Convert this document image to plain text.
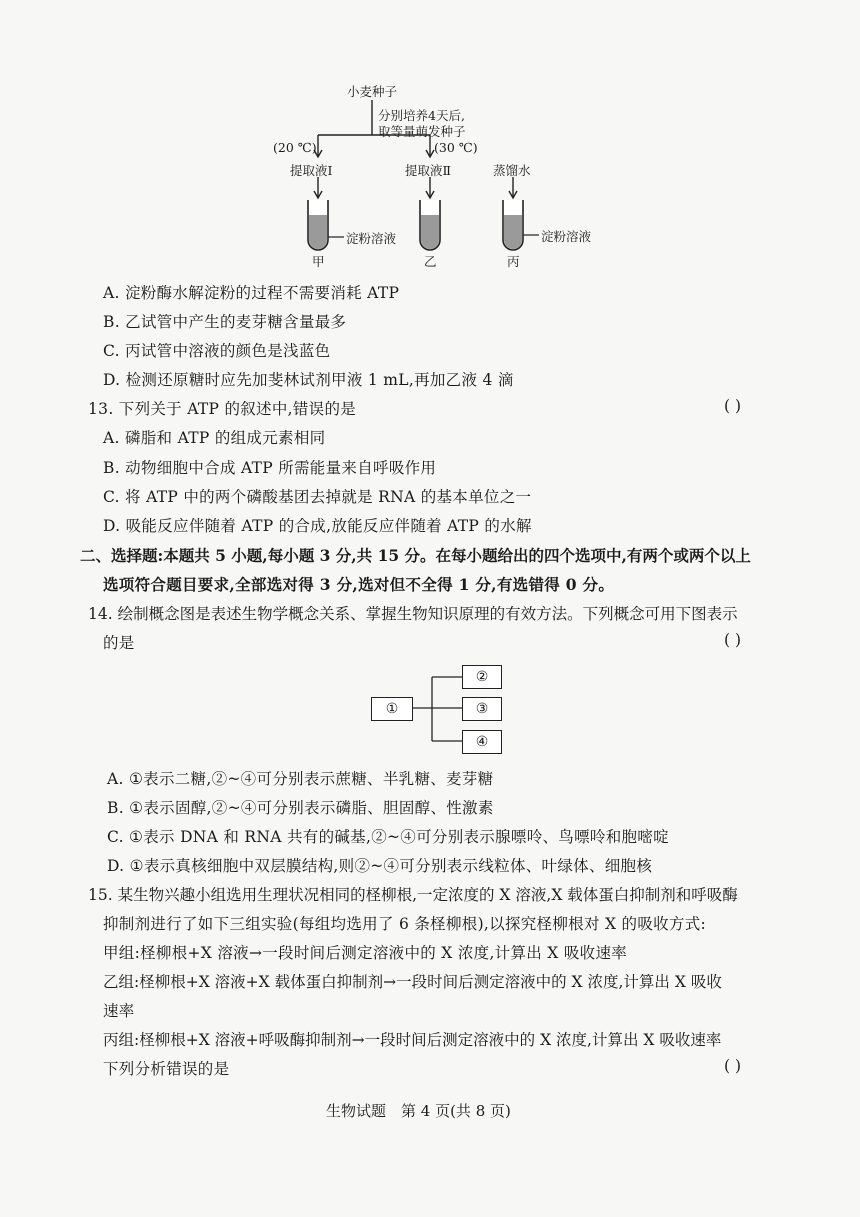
小麦种子
分别培养4天后,
取等量萌发种子
(20 ℃)	(30 ℃)
提取液Ⅰ	提取液Ⅱ	蒸馏水
淀粉溶液	淀粉溶液
甲	乙	丙
A. 淀粉酶水解淀粉的过程不需要消耗 ATP
B. 乙试管中产生的麦芽糖含量最多
C. 丙试管中溶液的颜色是浅蓝色
D. 检测还原糖时应先加斐林试剂甲液 1 mL,再加乙液 4 滴
13. 下列关于 ATP 的叙述中,错误的是	( )
A. 磷脂和 ATP 的组成元素相同
B. 动物细胞中合成 ATP 所需能量来自呼吸作用
C. 将 ATP 中的两个磷酸基团去掉就是 RNA 的基本单位之一
D. 吸能反应伴随着 ATP 的合成,放能反应伴随着 ATP 的水解
二、选择题:本题共 5 小题,每小题 3 分,共 15 分。在每小题给出的四个选项中,有两个或两个以上
选项符合题目要求,全部选对得 3 分,选对但不全得 1 分,有选错得 0 分。
14. 绘制概念图是表述生物学概念关系、掌握生物知识原理的有效方法。下列概念可用下图表示
的是	( )
①
②
③
④
A. ①表示二糖,②~④可分别表示蔗糖、半乳糖、麦芽糖
B. ①表示固醇,②~④可分别表示磷脂、胆固醇、性激素
C. ①表示 DNA 和 RNA 共有的碱基,②~④可分别表示腺嘌呤、鸟嘌呤和胞嘧啶
D. ①表示真核细胞中双层膜结构,则②~④可分别表示线粒体、叶绿体、细胞核
15. 某生物兴趣小组选用生理状况相同的柽柳根,一定浓度的 X 溶液,X 载体蛋白抑制剂和呼吸酶
抑制剂进行了如下三组实验(每组均选用了 6 条柽柳根),以探究柽柳根对 X 的吸收方式:
甲组:柽柳根+X 溶液→一段时间后测定溶液中的 X 浓度,计算出 X 吸收速率
乙组:柽柳根+X 溶液+X 载体蛋白抑制剂→一段时间后测定溶液中的 X 浓度,计算出 X 吸收
速率
丙组:柽柳根+X 溶液+呼吸酶抑制剂→一段时间后测定溶液中的 X 浓度,计算出 X 吸收速率
下列分析错误的是	( )
生物试题　第 4 页(共 8 页)
